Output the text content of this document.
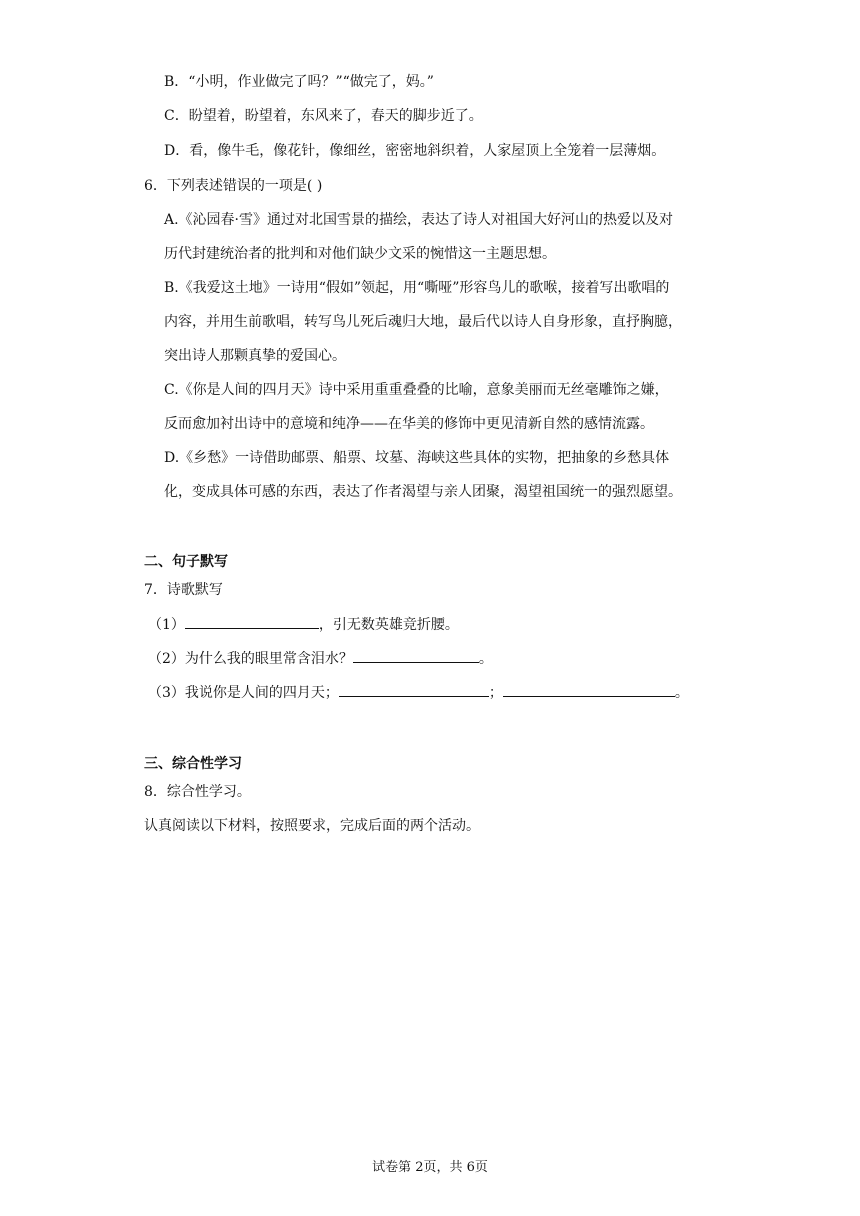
B．“小明，作业做完了吗？”“做完了，妈。”
C．盼望着，盼望着，东风来了，春天的脚步近了。
D．看，像牛毛，像花针，像细丝，密密地斜织着，人家屋顶上全笼着一层薄烟。
6．下列表述错误的一项是( )
A.《沁园春·雪》通过对北国雪景的描绘，表达了诗人对祖国大好河山的热爱以及对
历代封建统治者的批判和对他们缺少文采的惋惜这一主题思想。
B.《我爱这土地》一诗用“假如”领起，用“嘶哑”形容鸟儿的歌喉，接着写出歌唱的
内容，并用生前歌唱，转写鸟儿死后魂归大地，最后代以诗人自身形象，直抒胸臆，
突出诗人那颗真挚的爱国心。
C.《你是人间的四月天》诗中采用重重叠叠的比喻，意象美丽而无丝毫雕饰之嫌，
反而愈加衬出诗中的意境和纯净——在华美的修饰中更见清新自然的感情流露。
D.《乡愁》一诗借助邮票、船票、坟墓、海峡这些具体的实物，把抽象的乡愁具体
化，变成具体可感的东西，表达了作者渴望与亲人团聚，渴望祖国统一的强烈愿望。
二、句子默写
7．诗歌默写
（1）	，引无数英雄竞折腰。
（2）为什么我的眼里常含泪水？	。
（3）我说你是人间的四月天；	；	。
三、综合性学习
8．综合性学习。
认真阅读以下材料，按照要求，完成后面的两个活动。
试卷第 2页，共 6页
